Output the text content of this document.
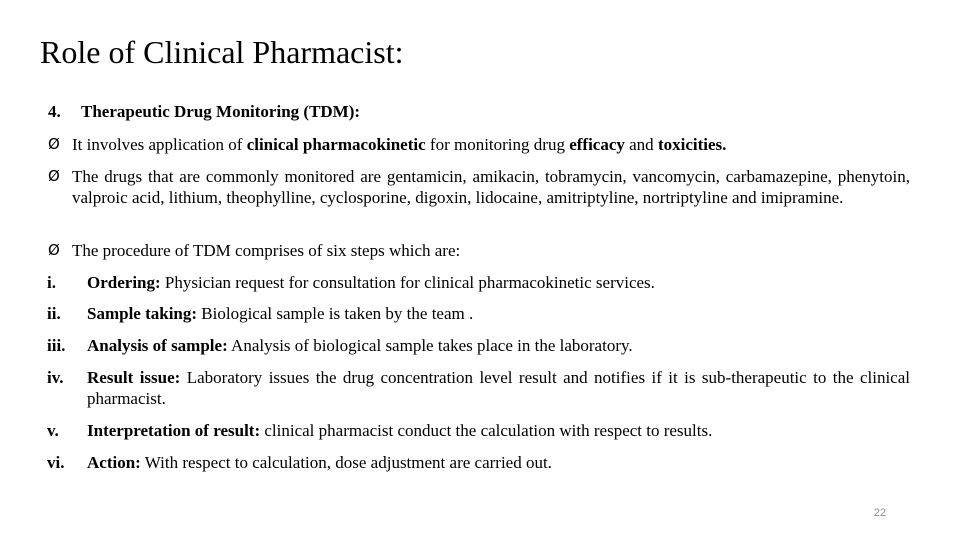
Role of Clinical Pharmacist:
4. Therapeutic Drug Monitoring (TDM):
Ø It involves application of clinical pharmacokinetic for monitoring drug efficacy and toxicities.
Ø The drugs that are commonly monitored are gentamicin, amikacin, tobramycin, vancomycin, carbamazepine, phenytoin, valproic acid, lithium, theophylline, cyclosporine, digoxin, lidocaine, amitriptyline, nortriptyline and imipramine.
Ø The procedure of TDM comprises of six steps which are:
i.	Ordering: Physician request for consultation for clinical pharmacokinetic services.
ii.	Sample taking: Biological sample is taken by the team .
iii.	Analysis of sample: Analysis of biological sample takes place in the laboratory.
iv.	Result issue: Laboratory issues the drug concentration level result and notifies if it is sub-therapeutic to the clinical pharmacist.
v.	Interpretation of result: clinical pharmacist conduct the calculation with respect to results.
vi.	Action: With respect to calculation, dose adjustment are carried out.
22
